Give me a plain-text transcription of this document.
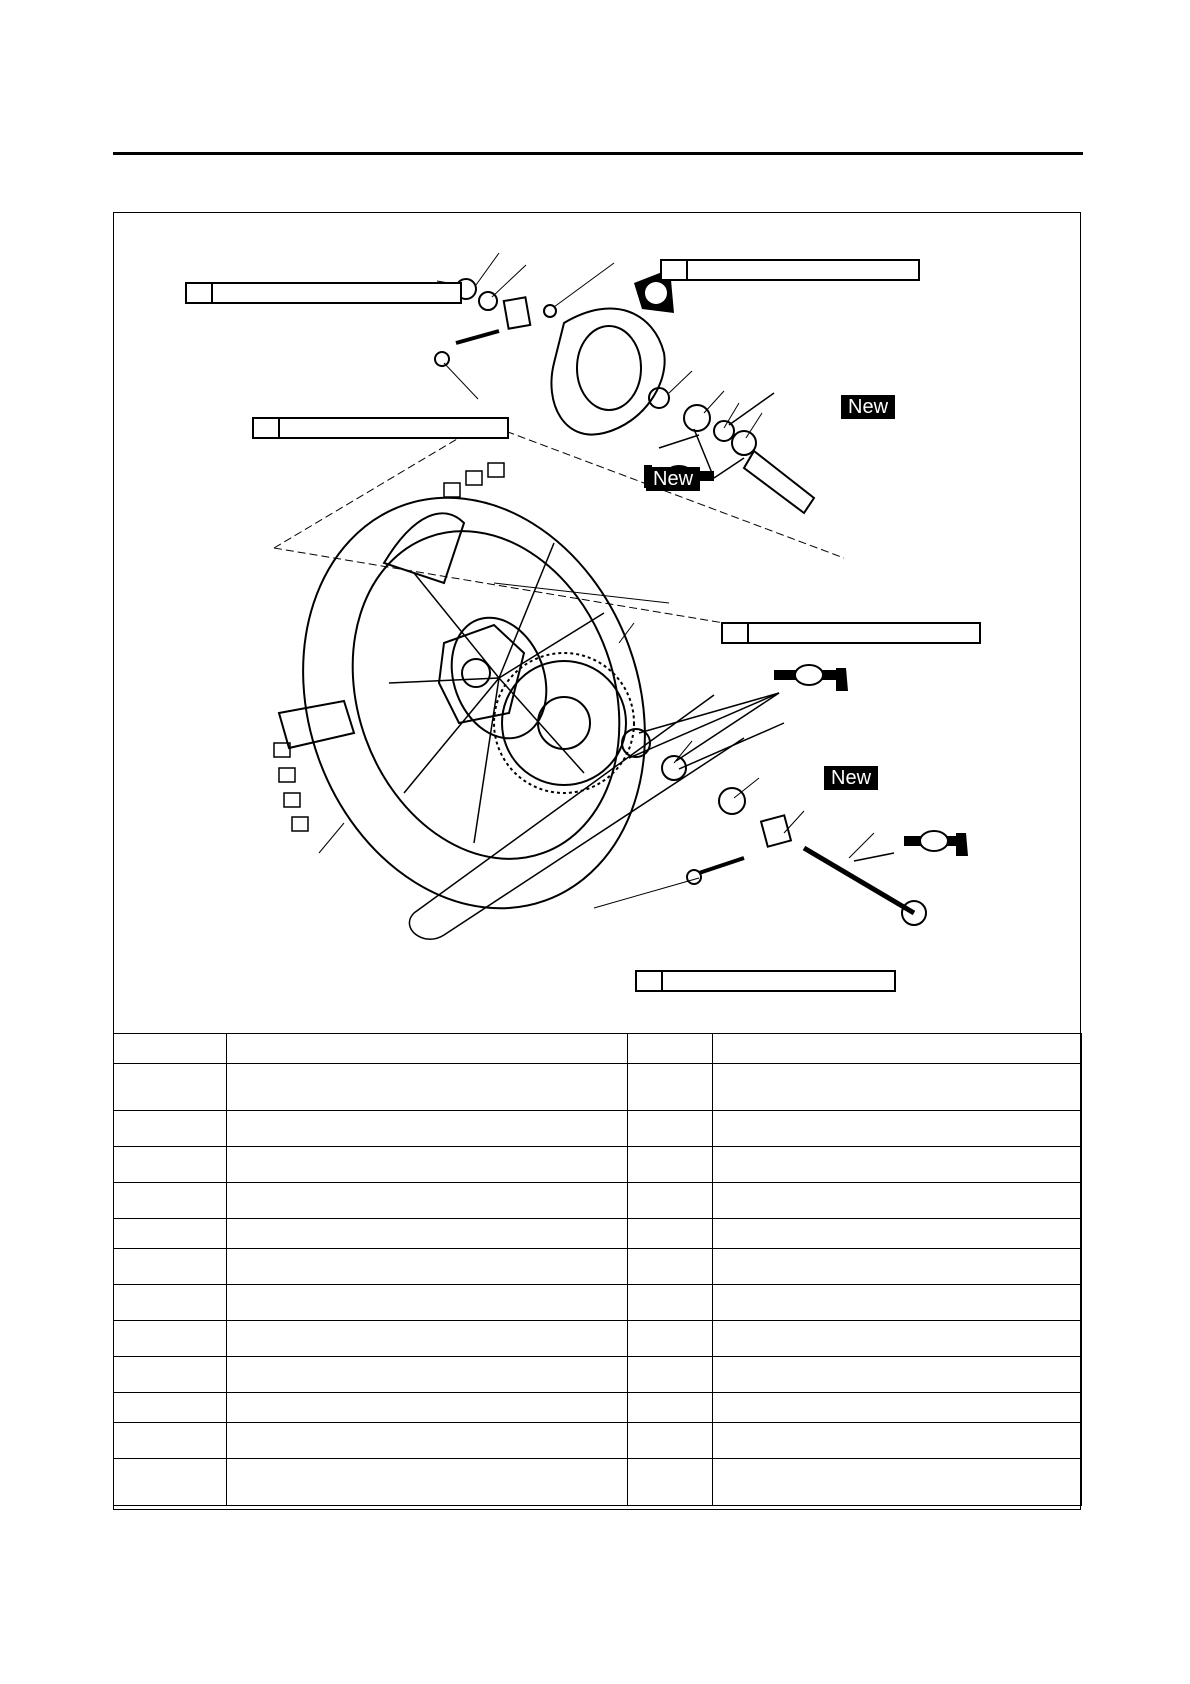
New
New
New
